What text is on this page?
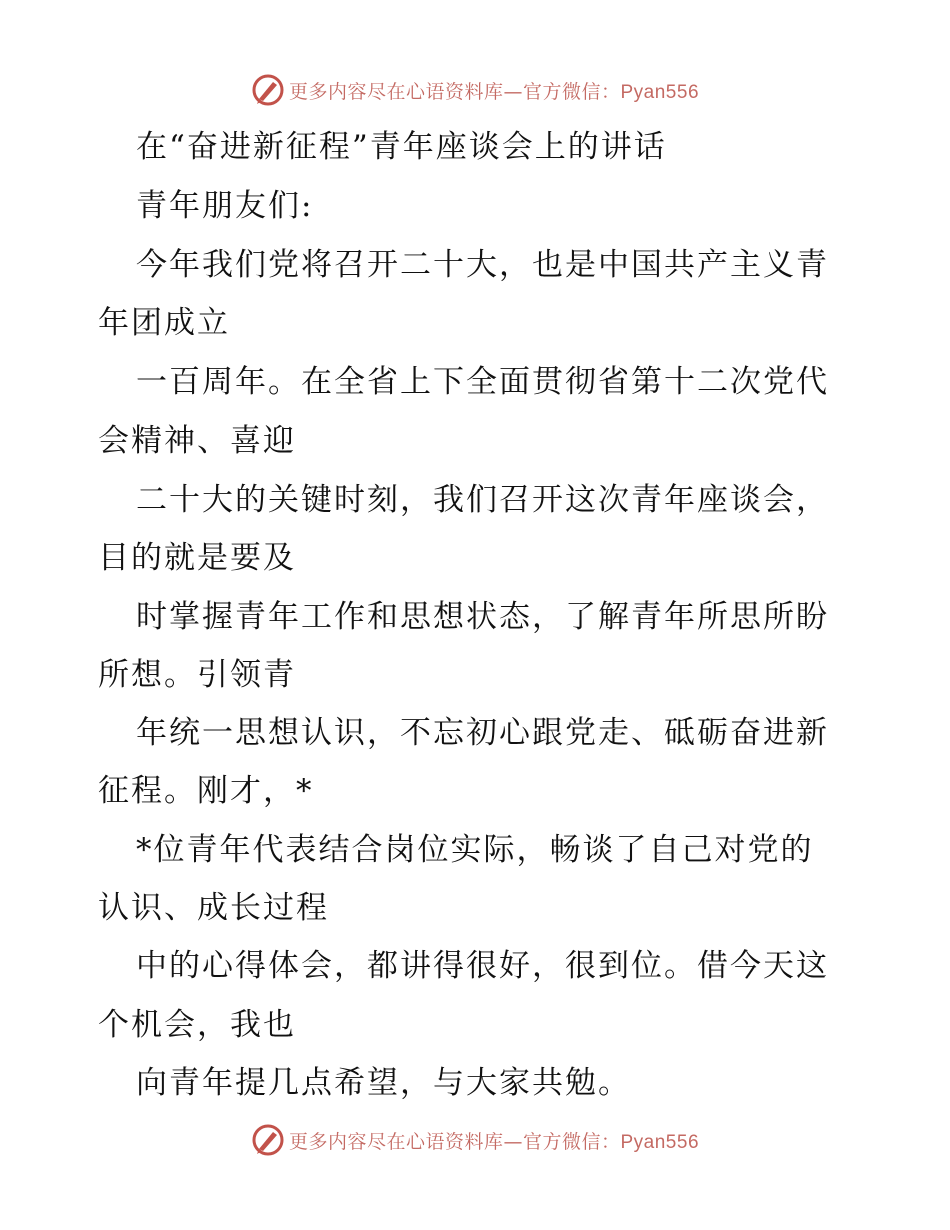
更多内容尽在心语资料库—官方微信：Pyan556
在“奋进新征程”青年座谈会上的讲话
青年朋友们:
今年我们党将召开二十大，也是中国共产主义青
年团成立
一百周年。在全省上下全面贯彻省第十二次党代
会精神、喜迎
二十大的关键时刻，我们召开这次青年座谈会，
目的就是要及
时掌握青年工作和思想状态，了解青年所思所盼
所想。引领青
年统一思想认识，不忘初心跟党走、砥砺奋进新
征程。刚才，*
*位青年代表结合岗位实际，畅谈了自己对党的
认识、成长过程
中的心得体会，都讲得很好，很到位。借今天这
个机会，我也
向青年提几点希望，与大家共勉。
更多内容尽在心语资料库—官方微信：Pyan556
